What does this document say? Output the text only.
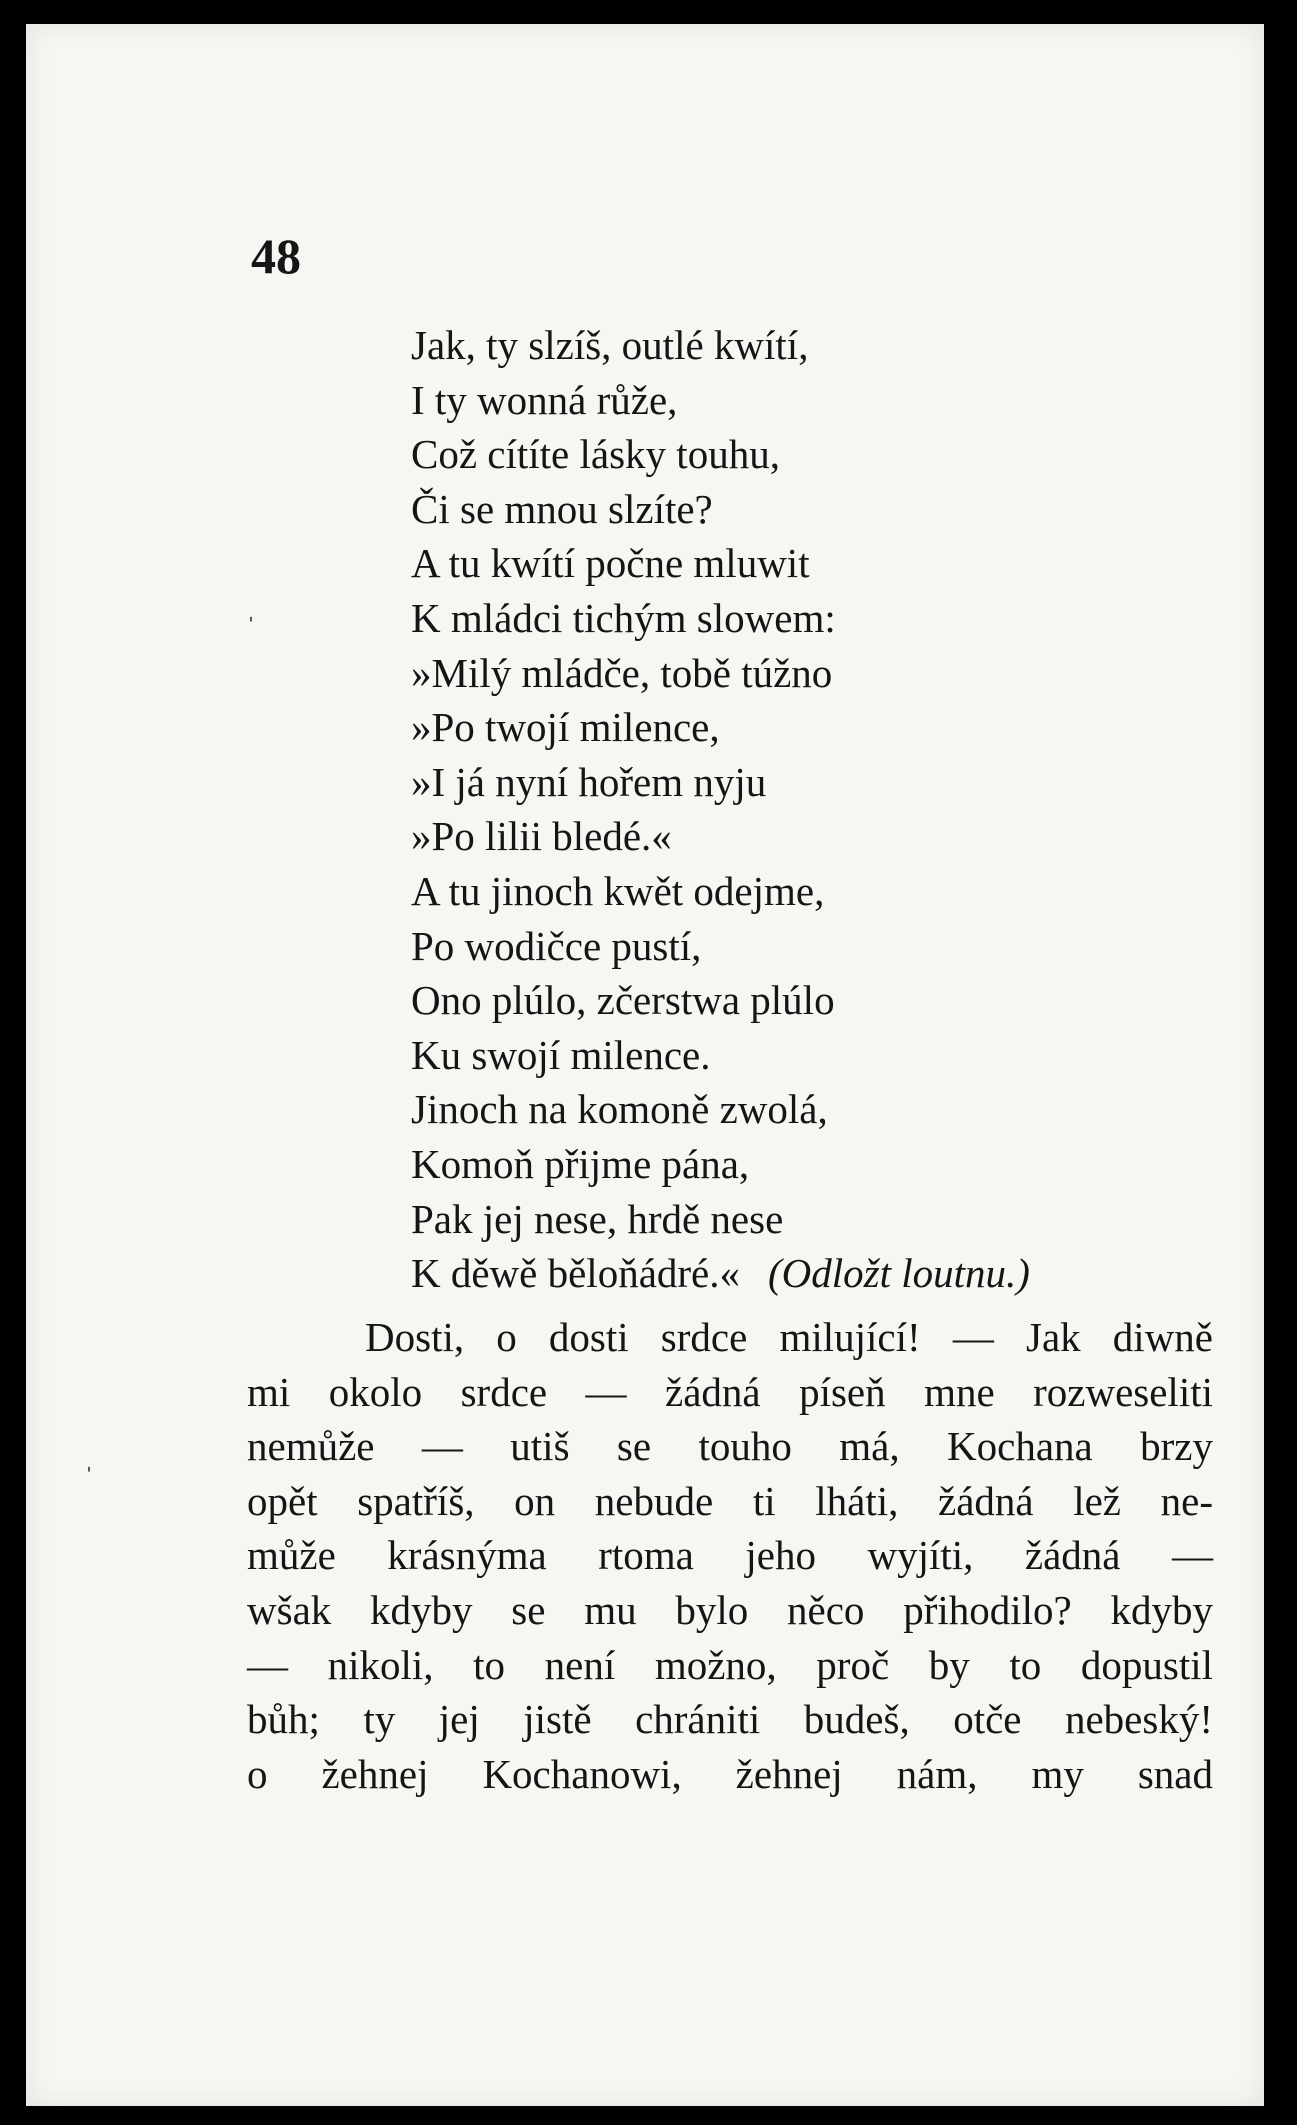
48
Jak, ty slzíš, outlé kwítí,
I ty wonná růže,
Což cítíte lásky touhu,
Či se mnou slzíte?
A tu kwítí počne mluwit
K mládci tichým slowem:
»Milý mládče, tobě túžno
»Po twojí milence,
»I já nyní hořem nyju
»Po lilii bledé.«
A tu jinoch kwět odejme,
Po wodičce pustí,
Ono plúlo, zčerstwa plúlo
Ku swojí milence.
Jinoch na komoně zwolá,
Komoň přijme pána,
Pak jej nese, hrdě nese
K děwě běloňádré.« (Odložt loutnu.)
Dosti, o dosti srdce milující! — Jak diwně
mi okolo srdce — žádná píseň mne rozweseliti
nemůže — utiš se touho má, Kochana brzy
opět spatříš, on nebude ti lháti, žádná lež ne-
může krásnýma rtoma jeho wyjíti, žádná —
wšak kdyby se mu bylo něco přihodilo? kdyby
— nikoli, to není možno, proč by to dopustil
bůh; ty jej jistě chrániti budeš, otče nebeský!
o žehnej Kochanowi, žehnej nám, my snad
ˌ
ˌ
